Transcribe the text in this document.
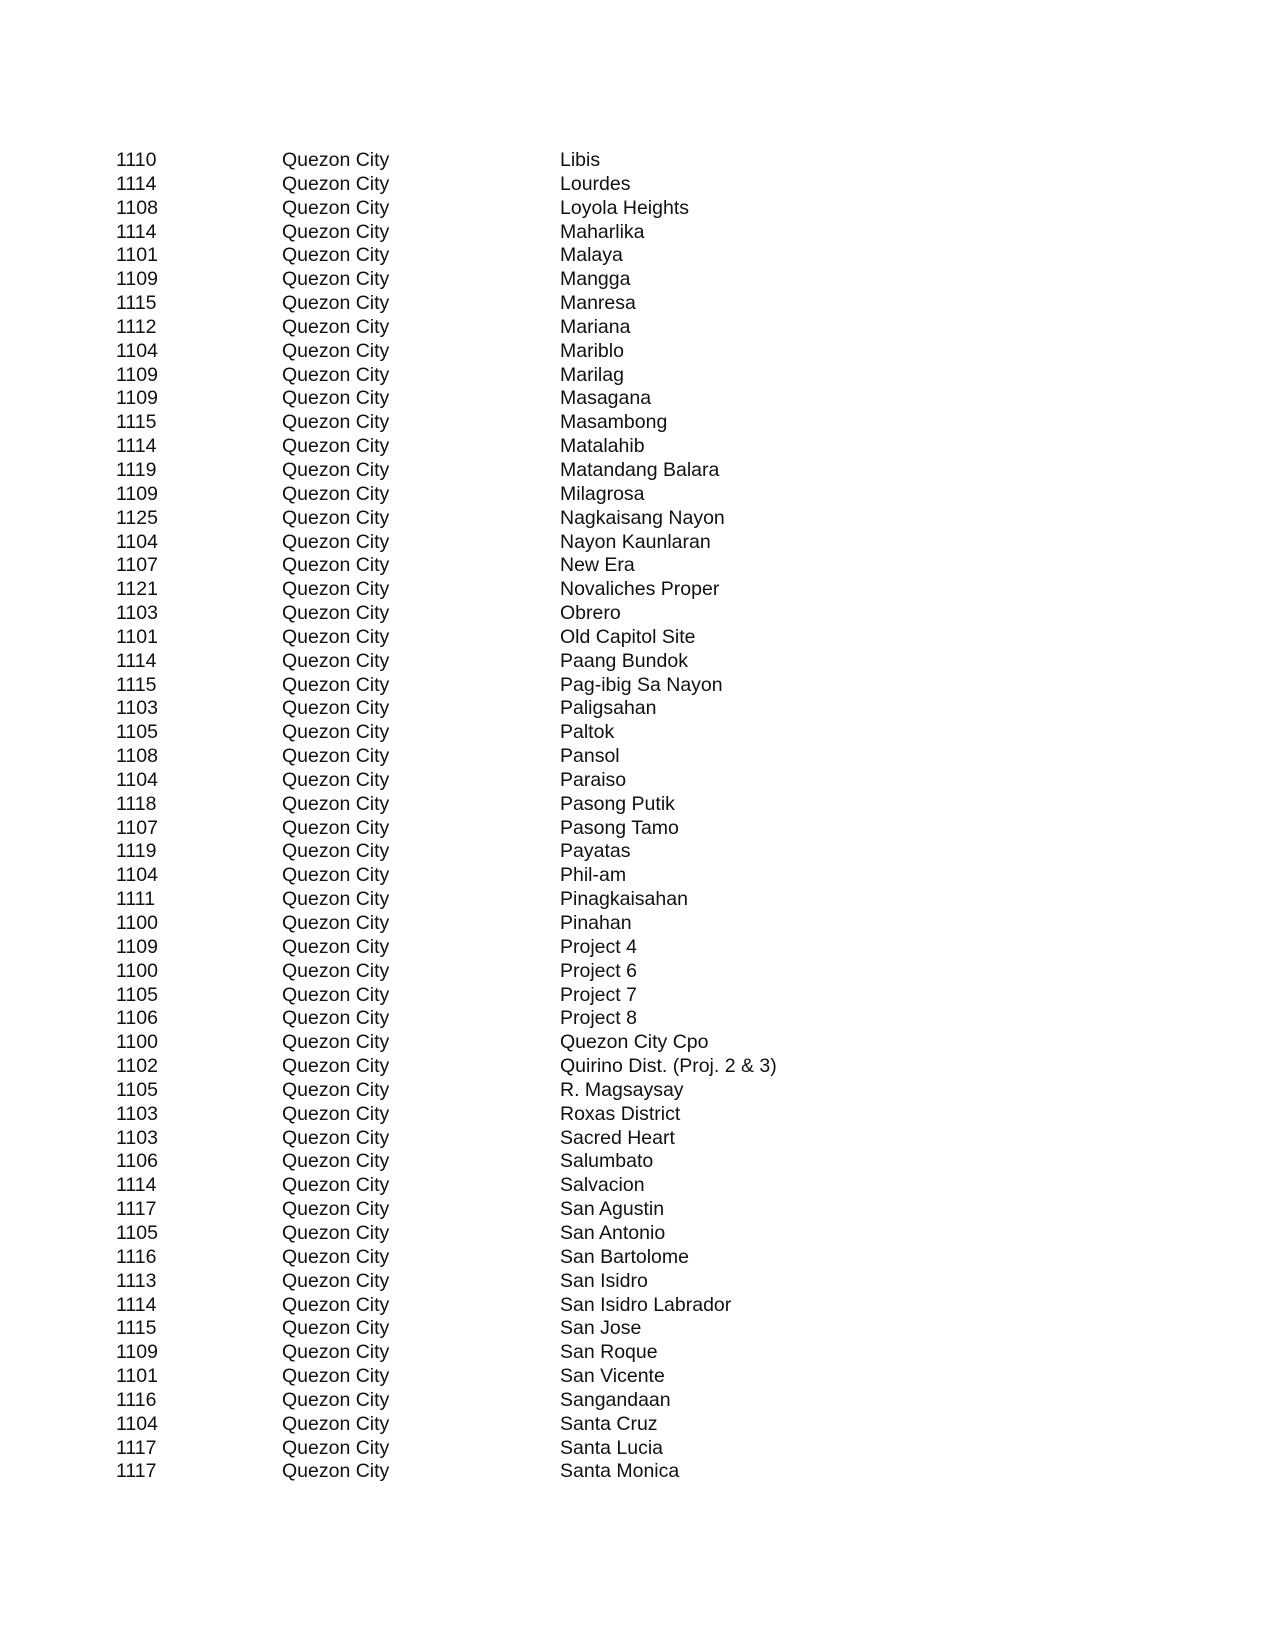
1110	Quezon City	Libis
1114	Quezon City	Lourdes
1108	Quezon City	Loyola Heights
1114	Quezon City	Maharlika
1101	Quezon City	Malaya
1109	Quezon City	Mangga
1115	Quezon City	Manresa
1112	Quezon City	Mariana
1104	Quezon City	Mariblo
1109	Quezon City	Marilag
1109	Quezon City	Masagana
1115	Quezon City	Masambong
1114	Quezon City	Matalahib
1119	Quezon City	Matandang Balara
1109	Quezon City	Milagrosa
1125	Quezon City	Nagkaisang Nayon
1104	Quezon City	Nayon Kaunlaran
1107	Quezon City	New Era
1121	Quezon City	Novaliches Proper
1103	Quezon City	Obrero
1101	Quezon City	Old Capitol Site
1114	Quezon City	Paang Bundok
1115	Quezon City	Pag-ibig Sa Nayon
1103	Quezon City	Paligsahan
1105	Quezon City	Paltok
1108	Quezon City	Pansol
1104	Quezon City	Paraiso
1118	Quezon City	Pasong Putik
1107	Quezon City	Pasong Tamo
1119	Quezon City	Payatas
1104	Quezon City	Phil-am
1111	Quezon City	Pinagkaisahan
1100	Quezon City	Pinahan
1109	Quezon City	Project 4
1100	Quezon City	Project 6
1105	Quezon City	Project 7
1106	Quezon City	Project 8
1100	Quezon City	Quezon City Cpo
1102	Quezon City	Quirino Dist. (Proj. 2 & 3)
1105	Quezon City	R. Magsaysay
1103	Quezon City	Roxas District
1103	Quezon City	Sacred Heart
1106	Quezon City	Salumbato
1114	Quezon City	Salvacion
1117	Quezon City	San Agustin
1105	Quezon City	San Antonio
1116	Quezon City	San Bartolome
1113	Quezon City	San Isidro
1114	Quezon City	San Isidro Labrador
1115	Quezon City	San Jose
1109	Quezon City	San Roque
1101	Quezon City	San Vicente
1116	Quezon City	Sangandaan
1104	Quezon City	Santa Cruz
1117	Quezon City	Santa Lucia
1117	Quezon City	Santa Monica
